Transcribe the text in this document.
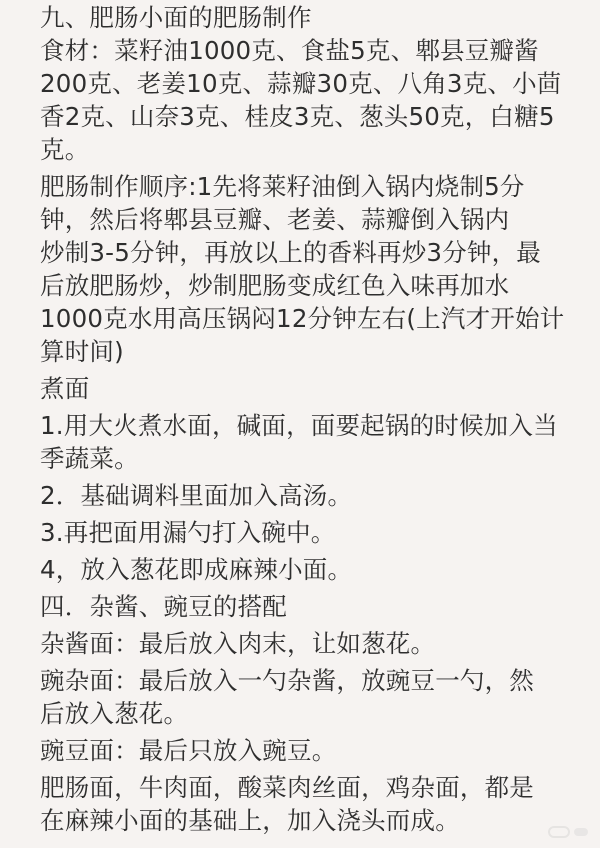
九、肥肠小面的肥肠制作
食材：菜籽油1000克、食盐5克、郫县豆瓣酱
200克、老姜10克、蒜瓣30克、八角3克、小茴
香2克、山奈3克、桂皮3克、葱头50克，白糖5
克。
肥肠制作顺序:1先将莱籽油倒入锅内烧制5分
钟，然后将郫县豆瓣、老姜、蒜瓣倒入锅内
炒制3-5分钟，再放以上的香料再炒3分钟，最
后放肥肠炒，炒制肥肠变成红色入味再加水
1000克水用高压锅闷12分钟左右(上汽才开始计
算时间)
煮面
1.用大火煮水面，碱面，面要起锅的时候加入当
季蔬菜。
2．基础调料里面加入高汤。
3.再把面用漏勺打入碗中。
4，放入葱花即成麻辣小面。
四．杂酱、豌豆的搭配
杂酱面：最后放入肉末，让如葱花。
豌杂面：最后放入一勺杂酱，放豌豆一勺，然
后放入葱花。
豌豆面：最后只放入豌豆。
肥肠面，牛肉面，酸菜肉丝面，鸡杂面，都是
在麻辣小面的基础上，加入浇头而成。
